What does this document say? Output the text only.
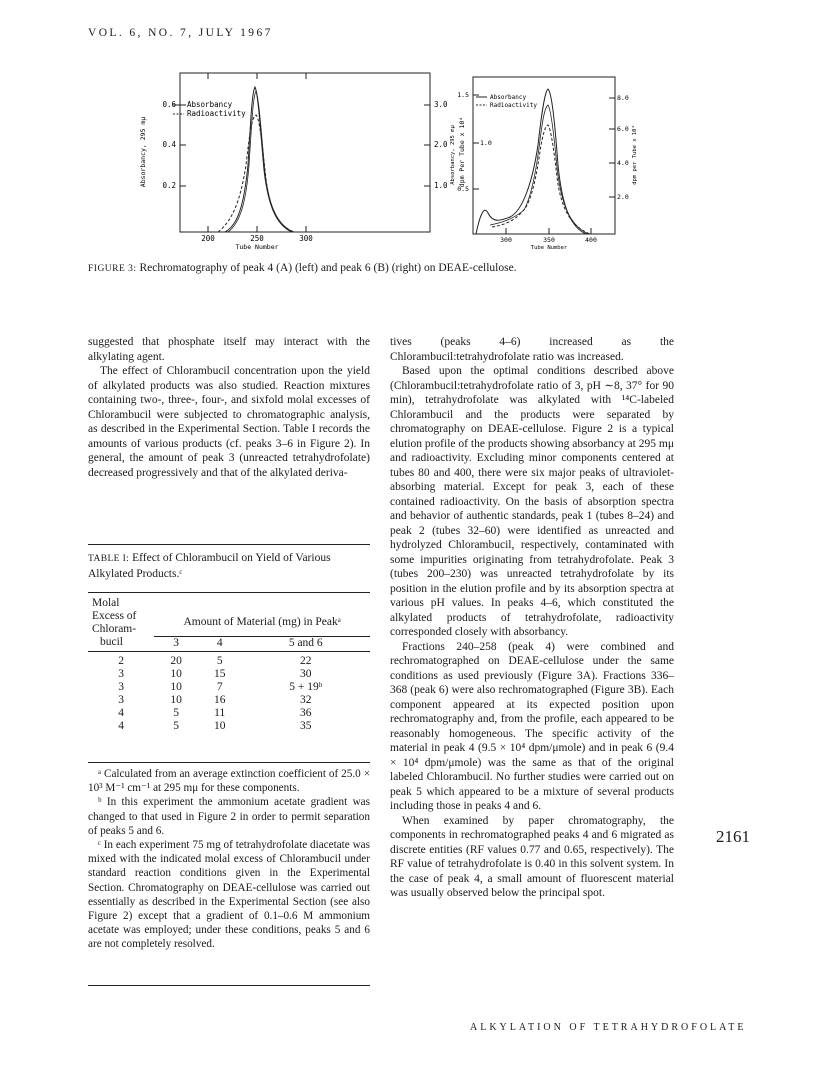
VOL. 6, NO. 7, JULY 1967
Absorbancy
Radioactivity
0.6
0.4
0.2
3.0
2.0
1.0
200	250	300
Tube Number
Absorbancy, 295 mμ	dpm Per Tube x 10⁴
Absorbancy
Radioactivity
1.5
1.0
0.5
8.0
6.0
4.0
2.0
300	350	400
Tube Number
Absorbancy, 295 mμ	dpm per Tube x 10⁴
FIGURE 3: Rechromatography of peak 4 (A) (left) and peak 6 (B) (right) on DEAE-cellulose.

suggested that phosphate itself may interact with the alkylating agent.

The effect of Chlorambucil concentration upon the yield of alkylated products was also studied. Reaction mixtures containing two-, three-, four-, and sixfold molal excesses of Chlorambucil were subjected to chromatographic analysis, as described in the Experimental Section. Table I records the amounts of various products (cf. peaks 3–6 in Figure 2). In general, the amount of peak 3 (unreacted tetrahydrofolate) decreased progressively and that of the alkylated deriva-

TABLE I: Effect of Chlorambucil on Yield of Various Alkylated Products.ᶜ
Molal			
Excess of	Amount of Material (mg) in Peakᵃ		
Chloram-			
bucil	3	4	5 and 6
2	20	5	22
3	10	15	30
3	10	7	5 + 19ᵇ
3	10	16	32
4	5	11	36
4	5	10	35

ᵃ Calculated from an average extinction coefficient of 25.0 × 10³ M⁻¹ cm⁻¹ at 295 mμ for these components.

ᵇ In this experiment the ammonium acetate gradient was changed to that used in Figure 2 in order to permit separation of peaks 5 and 6.

ᶜ In each experiment 75 mg of tetrahydrofolate diacetate was mixed with the indicated molal excess of Chlorambucil under standard reaction conditions given in the Experimental Section. Chromatography on DEAE-cellulose was carried out essentially as described in the Experimental Section (see also Figure 2) except that a gradient of 0.1–0.6 M ammonium acetate was employed; under these conditions, peaks 5 and 6 are not completely resolved.

tives (peaks 4–6) increased as the Chlorambucil:tetrahydrofolate ratio was increased.

Based upon the optimal conditions described above (Chlorambucil:tetrahydrofolate ratio of 3, pH ∼8, 37° for 90 min), tetrahydrofolate was alkylated with ¹⁴C-labeled Chlorambucil and the products were separated by chromatography on DEAE-cellulose. Figure 2 is a typical elution profile of the products showing absorbancy at 295 mμ and radioactivity. Excluding minor components centered at tubes 80 and 400, there were six major peaks of ultraviolet-absorbing material. Except for peak 3, each of these contained radioactivity. On the basis of absorption spectra and behavior of authentic standards, peak 1 (tubes 8–24) and peak 2 (tubes 32–60) were identified as unreacted and hydrolyzed Chlorambucil, respectively, contaminated with some impurities originating from tetrahydrofolate. Peak 3 (tubes 200–230) was unreacted tetrahydrofolate by its position in the elution profile and by its absorption spectra at various pH values. In peaks 4–6, which constituted the alkylated products of tetrahydrofolate, radioactivity corresponded closely with absorbancy.

Fractions 240–258 (peak 4) were combined and rechromatographed on DEAE-cellulose under the same conditions as used previously (Figure 3A). Fractions 336–368 (peak 6) were also rechromatographed (Figure 3B). Each component appeared at its expected position upon rechromatography and, from the profile, each appeared to be reasonably homogeneous. The specific activity of the material in peak 4 (9.5 × 10⁴ dpm/μmole) and in peak 6 (9.4 × 10⁴ dpm/μmole) was the same as that of the original labeled Chlorambucil. No further studies were carried out on peak 5 which appeared to be a mixture of several products including those in peaks 4 and 6.

When examined by paper chromatography, the components in rechromatographed peaks 4 and 6 migrated as discrete entities (RF values 0.77 and 0.65, respectively). The RF value of tetrahydrofolate is 0.40 in this solvent system. In the case of peak 4, a small amount of fluorescent material was usually observed below the principal spot.

2161
ALKYLATION OF TETRAHYDROFOLATE
